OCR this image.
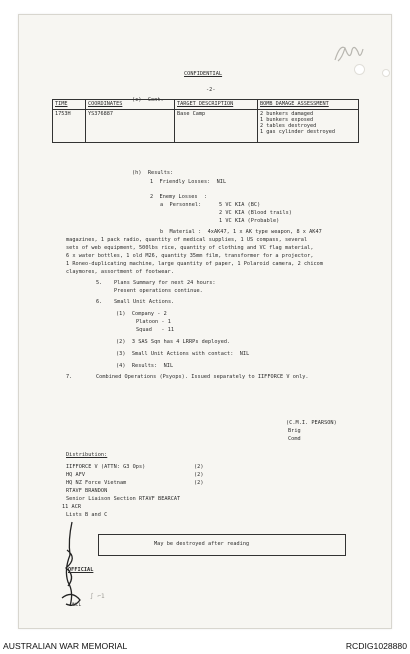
CONFIDENTIAL
-2-
(c)  Cont.
TIME	COORDINATES	TARGET DESCRIPTION	BOMB DAMAGE ASSESSMENT
1753H	YS376887	Base Camp	2 bunkers damaged
1 bunkers exposed
2 tables destroyed
1 gas cylinder destroyed
(h)  Results:
1  Friendly Losses:  NIL
2  Enemy Losses  :
a  Personnel:	5 VC KIA (BC)
2 VC KIA (Blood trails)
1 VC KIA (Probable)
b  Material :  4xAK47, 1 x AK type weapon, 8 x AK47
magazines, 1 pack radio, quantity of medical supplies, 1 US compass, several
sets of web equipment, 500lbs rice, quantity of clothing and VC flag material,
6 x water bottles, 1 old M26, quantity 35mm film, transformer for a projector,
1 Roneo-duplicating machine, large quantity of paper, 1 Polaroid camera, 2 chicom
claymores, assortment of footwear.
5. Plans Summary for next 24 hours:
Present operations continue.
6. Small Unit Actions.
(1)  Company - 2
Platoon - 1
Squad   - 11
(2)  3 SAS Sqn has 4 LRRPs deployed.
(3)  Small Unit Actions with contact:  NIL
(4)  Results:  NIL
7.	Combined Operations (Psyops). Issued separately to IIFFORCE V only.
(C.M.I. PEARSON)
Brig
Comd
Distribution:
IIFFORCE V (ATTN: G3 Ops)	(2)
HQ AFV	(2)
HQ NZ Force Vietnam	(2)
RTAVF BRANDON
Senior Liaison Section RTAVF BEARCAT
11 ACR
Lists B and C
May be destroyed after reading
OFFICIAL
UNCL
∫ ⌐1
AUSTRALIAN WAR MEMORIAL	RCDIG1028880
